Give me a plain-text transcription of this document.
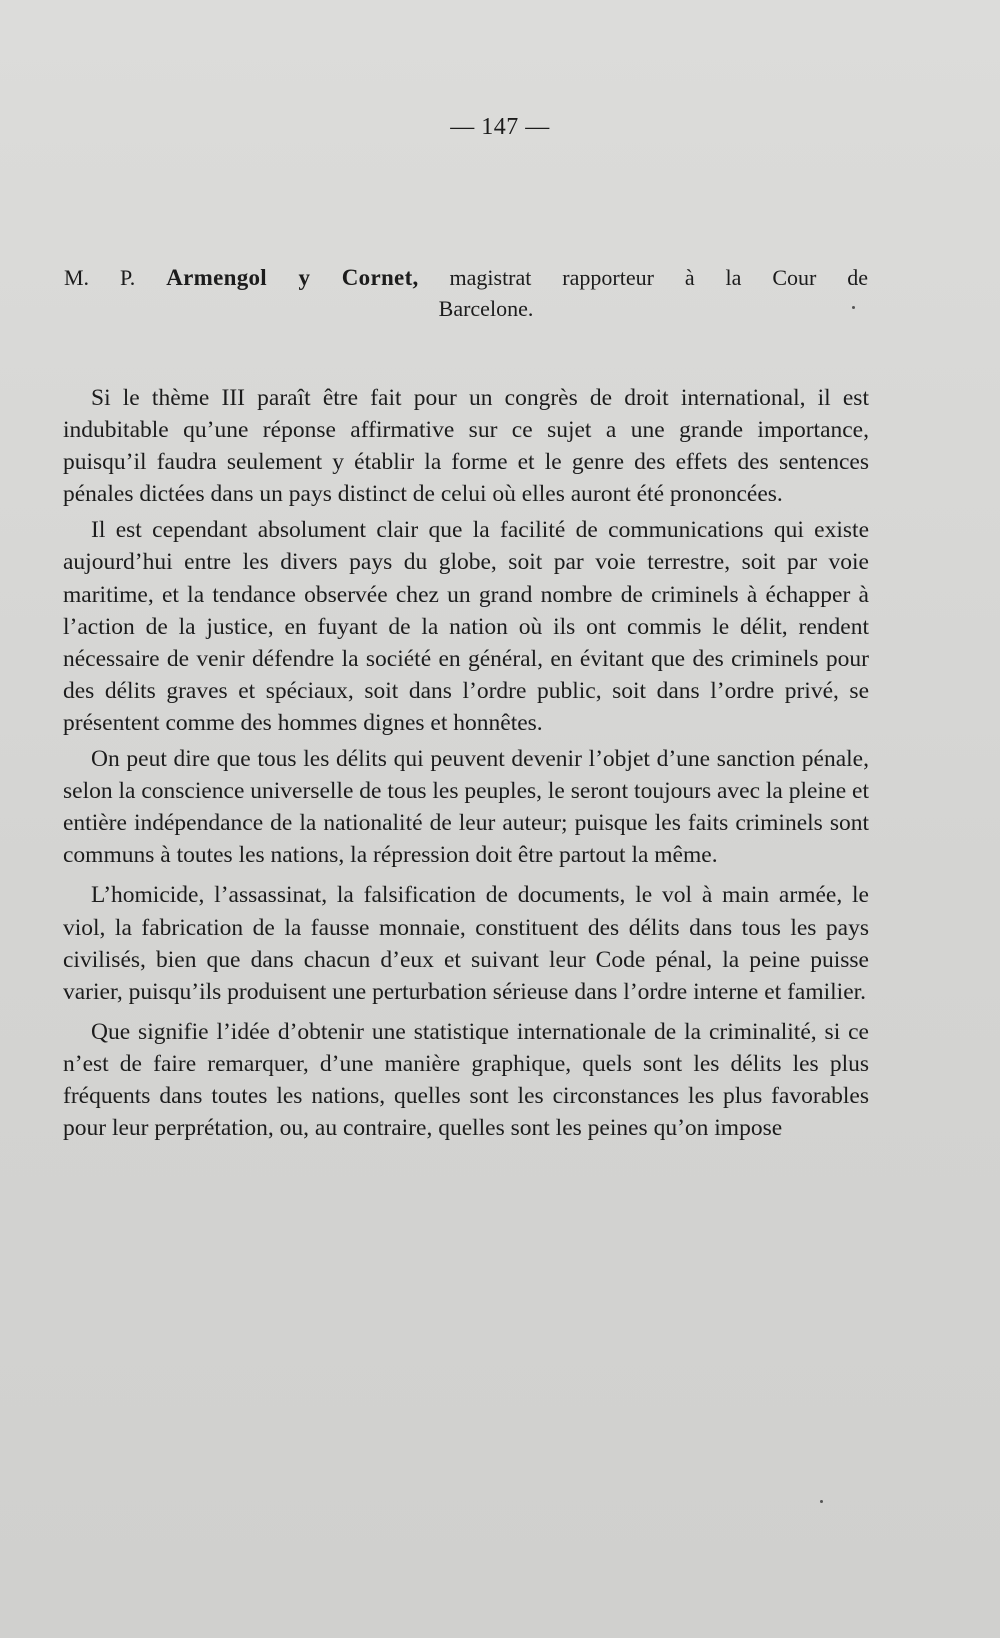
— 147 —
M. P. Armengol y Cornet, magistrat rapporteur à la Cour de
Barcelone.

Si le thème III paraît être fait pour un congrès de droit international, il est indubitable qu’une réponse affirmative sur ce sujet a une grande importance, puisqu’il faudra seulement y établir la forme et le genre des effets des sentences pénales dictées dans un pays distinct de celui où elles auront été prononcées.

Il est cependant absolument clair que la facilité de communications qui existe aujourd’hui entre les divers pays du globe, soit par voie terrestre, soit par voie maritime, et la tendance observée chez un grand nombre de criminels à échapper à l’action de la justice, en fuyant de la nation où ils ont commis le délit, rendent nécessaire de venir défendre la société en général, en évitant que des criminels pour des délits graves et spéciaux, soit dans l’ordre public, soit dans l’ordre privé, se présentent comme des hommes dignes et honnêtes.

On peut dire que tous les délits qui peuvent devenir l’objet d’une sanction pénale, selon la conscience universelle de tous les peuples, le seront toujours avec la pleine et entière indépendance de la nationalité de leur auteur; puisque les faits criminels sont communs à toutes les nations, la répression doit être partout la même.

L’homicide, l’assassinat, la falsification de documents, le vol à main armée, le viol, la fabrication de la fausse monnaie, constituent des délits dans tous les pays civilisés, bien que dans chacun d’eux et suivant leur Code pénal, la peine puisse varier, puisqu’ils produisent une perturbation sérieuse dans l’ordre interne et familier.

Que signifie l’idée d’obtenir une statistique internationale de la criminalité, si ce n’est de faire remarquer, d’une manière graphique, quels sont les délits les plus fréquents dans toutes les nations, quelles sont les circonstances les plus favorables pour leur perprétation, ou, au contraire, quelles sont les peines qu’on impose
